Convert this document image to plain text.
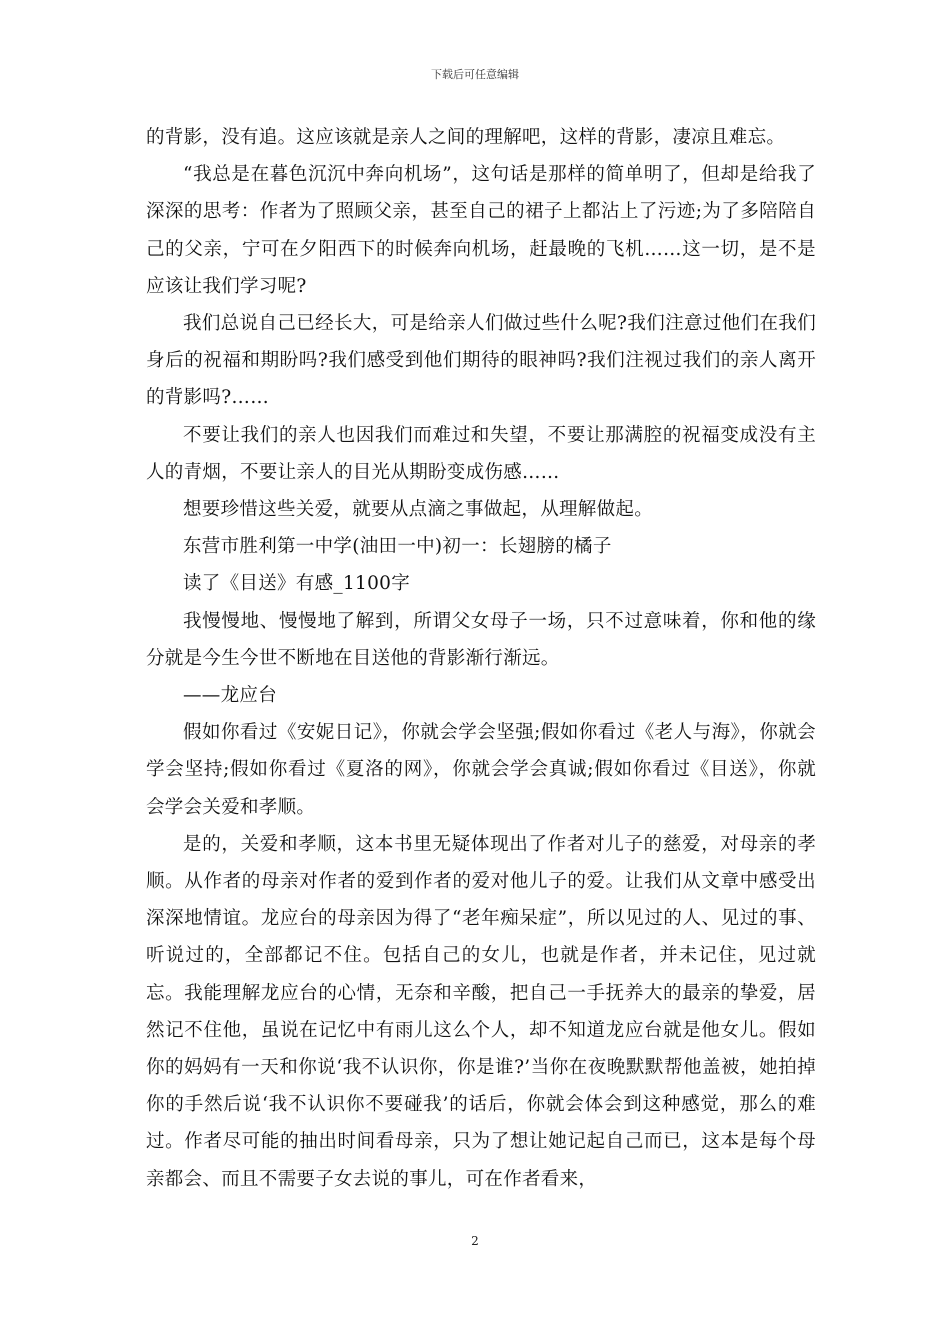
下载后可任意编辑

的背影，没有追。这应该就是亲人之间的理解吧，这样的背影，凄凉且难忘。

“我总是在暮色沉沉中奔向机场”，这句话是那样的简单明了，但却是给我了深深的思考：作者为了照顾父亲，甚至自己的裙子上都沾上了污迹;为了多陪陪自己的父亲，宁可在夕阳西下的时候奔向机场，赶最晚的飞机……这一切，是不是应该让我们学习呢?

我们总说自己已经长大，可是给亲人们做过些什么呢?我们注意过他们在我们身后的祝福和期盼吗?我们感受到他们期待的眼神吗?我们注视过我们的亲人离开的背影吗?……

不要让我们的亲人也因我们而难过和失望，不要让那满腔的祝福变成没有主人的青烟，不要让亲人的目光从期盼变成伤感……

想要珍惜这些关爱，就要从点滴之事做起，从理解做起。

东营市胜利第一中学(油田一中)初一：长翅膀的橘子

读了《目送》有感_1100字

我慢慢地、慢慢地了解到，所谓父女母子一场，只不过意味着，你和他的缘分就是今生今世不断地在目送他的背影渐行渐远。

——龙应台

假如你看过《安妮日记》，你就会学会坚强;假如你看过《老人与海》，你就会学会坚持;假如你看过《夏洛的网》，你就会学会真诚;假如你看过《目送》，你就会学会关爱和孝顺。

是的，关爱和孝顺，这本书里无疑体现出了作者对儿子的慈爱，对母亲的孝顺。从作者的母亲对作者的爱到作者的爱对他儿子的爱。让我们从文章中感受出深深地情谊。龙应台的母亲因为得了“老年痴呆症”，所以见过的人、见过的事、听说过的，全部都记不住。包括自己的女儿，也就是作者，并未记住，见过就忘。我能理解龙应台的心情，无奈和辛酸，把自己一手抚养大的最亲的挚爱，居然记不住他，虽说在记忆中有雨儿这么个人，却不知道龙应台就是他女儿。假如你的妈妈有一天和你说‘我不认识你，你是谁?’当你在夜晚默默帮他盖被，她拍掉你的手然后说‘我不认识你不要碰我’的话后，你就会体会到这种感觉，那么的难过。作者尽可能的抽出时间看母亲，只为了想让她记起自己而已，这本是每个母亲都会、而且不需要子女去说的事儿，可在作者看来，

2
